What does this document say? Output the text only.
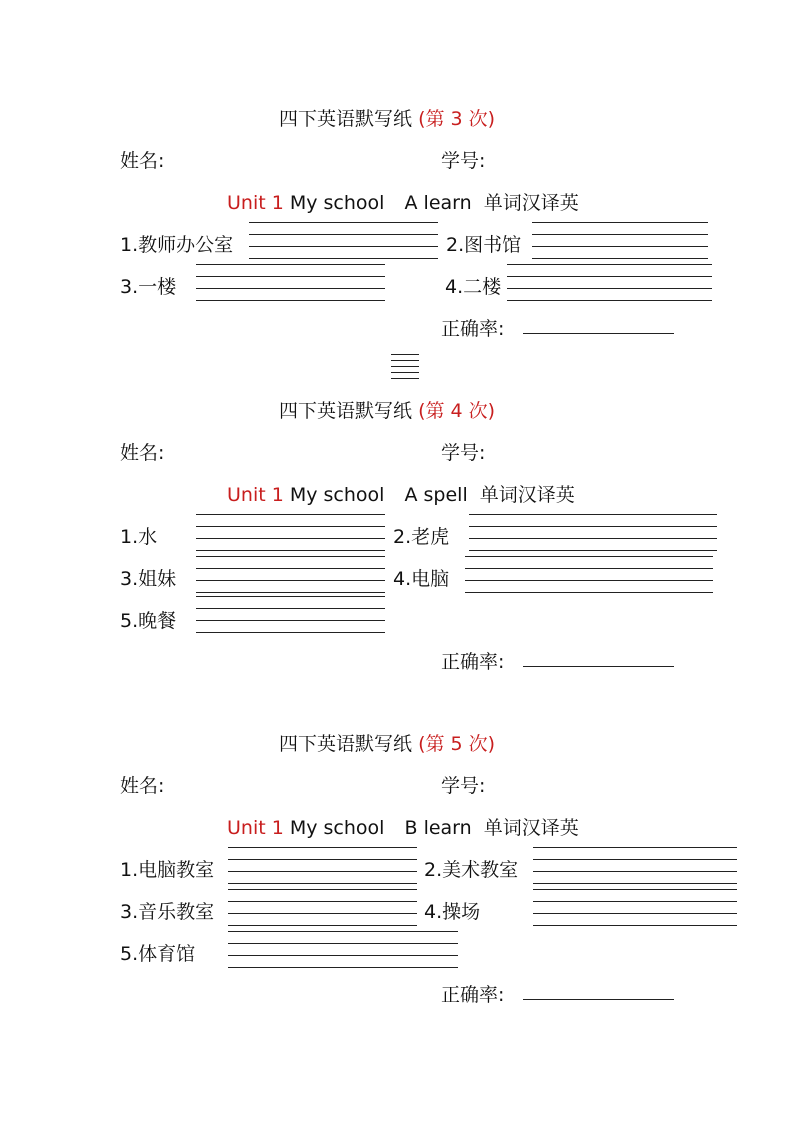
四下英语默写纸 (第 3 次)
姓名:	学号:
Unit 1 My school A learn 单词汉译英
1.教师办公室	2.图书馆
3.一楼	4.二楼
正确率:
四下英语默写纸 (第 4 次)
姓名:	学号:
Unit 1 My school A spell 单词汉译英
1.水	2.老虎
3.姐妹	4.电脑
5.晚餐
正确率:
四下英语默写纸 (第 5 次)
姓名:	学号:
Unit 1 My school B learn 单词汉译英
1.电脑教室	2.美术教室
3.音乐教室	4.操场
5.体育馆
正确率:
